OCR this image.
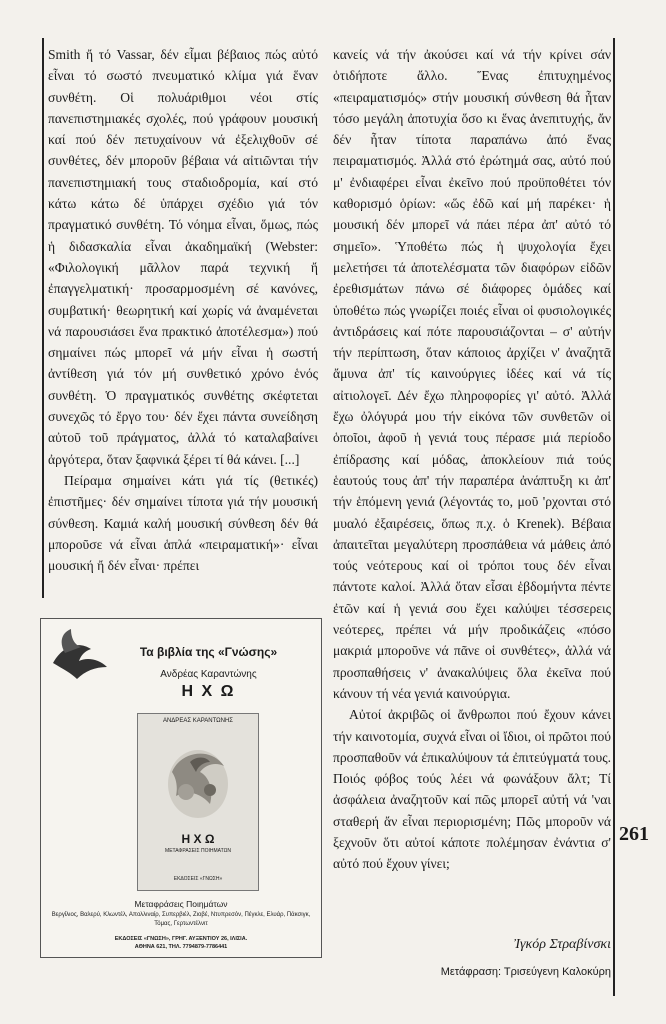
Smith ἤ τό Vassar, δέν εἶμαι βέβαιος πώς αὐτό εἶναι τό σωστό πνευματικό κλίμα γιά ἕναν συνθέτη. Οἱ πολυάριθμοι νέοι στίς πανεπιστημιακές σχολές, πού γράφουν μουσική καί πού δέν πετυχαίνουν νά ἐξελιχθοῦν σέ συνθέτες, δέν μποροῦν βέβαια νά αἰτιῶνται τήν πανεπιστημιακή τους σταδιοδρομία, καί στό κάτω κάτω δέ ὑπάρχει σχέδιο γιά τόν πραγματικό συνθέτη. Τό νόημα εἶναι, ὅμως, πώς ἡ διδασκαλία εἶναι ἀκαδημαϊκή (Webster: «Φιλολογική μᾶλλον παρά τεχνική ἤ ἐπαγγελματική· προσαρμοσμένη σέ κανόνες, συμβατική· θεωρητική καί χωρίς νά ἀναμένεται νά παρουσιάσει ἕνα πρακτικό ἀποτέλεσμα») πού σημαίνει πώς μπορεῖ νά μήν εἶναι ἡ σωστή ἀντίθεση γιά τόν μή συνθετικό χρόνο ἑνός συνθέτη. Ὁ πραγματικός συνθέτης σκέφτεται συνεχῶς τό ἔργο του· δέν ἔχει πάντα συνείδηση αὐτοῦ τοῦ πράγματος, ἀλλά τό καταλαβαίνει ἀργότερα, ὅταν ξαφνικά ξέρει τί θά κάνει. [...]

Πείραμα σημαίνει κάτι γιά τίς (θετικές) ἐπιστῆμες· δέν σημαίνει τίποτα γιά τήν μουσική σύνθεση. Καμιά καλή μουσική σύνθεση δέν θά μποροῦσε νά εἶναι ἁπλά «πειραματική»· εἶναι μουσική ἤ δέν εἶναι· πρέπει

κανείς νά τήν ἀκούσει καί νά τήν κρίνει σάν ὁτιδήποτε ἄλλο. Ἕνας ἐπιτυχημένος «πειραματισμός» στήν μουσική σύνθεση θά ἦταν τόσο μεγάλη ἀποτυχία ὅσο κι ἕνας ἀνεπιτυχής, ἄν δέν ἦταν τίποτα παραπάνω ἀπό ἕνας πειραματισμός. Ἀλλά στό ἐρώτημά σας, αὐτό πού μ' ἐνδιαφέρει εἶναι ἐκεῖνο πού προϋποθέτει τόν καθορισμό ὁρίων: «ὥς ἐδῶ καί μή παρέκει· ἡ μουσική δέν μπορεῖ νά πάει πέρα ἀπ' αὐτό τό σημεῖο». Ὑποθέτω πώς ἡ ψυχολογία ἔχει μελετήσει τά ἀποτελέσματα τῶν διαφόρων εἰδῶν ἐρεθισμάτων πάνω σέ διάφορες ὁμάδες καί ὑποθέτω πώς γνωρίζει ποιές εἶναι οἱ φυσιολογικές ἀντιδράσεις καί πότε παρουσιάζονται – σ' αὐτήν τήν περίπτωση, ὅταν κάποιος ἀρχίζει ν' ἀναζητᾶ ἄμυνα ἀπ' τίς καινούργιες ἰδέες καί νά τίς αἰτιολογεῖ. Δέν ἔχω πληροφορίες γι' αὐτό. Ἀλλά ἔχω ὀλόγυρά μου τήν εἰκόνα τῶν συνθετῶν οἱ ὁποῖοι, ἀφοῦ ἡ γενιά τους πέρασε μιά περίοδο ἐπίδρασης καί μόδας, ἀποκλείουν πιά τούς ἑαυτούς τους ἀπ' τήν παραπέρα ἀνάπτυξη κι ἀπ' τήν ἑπόμενη γενιά (λέγοντάς το, μοῦ 'ρχονται στό μυαλό ἐξαιρέσεις, ὅπως π.χ. ὁ Krenek). Βέβαια ἀπαιτεῖται μεγαλύτερη προσπάθεια νά μάθεις ἀπό τούς νεότερους καί οἱ τρόποι τους δέν εἶναι πάντοτε καλοί. Ἀλλά ὅταν εἶσαι ἑβδομήντα πέντε ἐτῶν καί ἡ γενιά σου ἔχει καλύψει τέσσερεις νεότερες, πρέπει νά μήν προδικάζεις «πόσο μακριά μποροῦνε νά πᾶνε οἱ συνθέτες», ἀλλά νά προσπαθήσεις ν' ἀνακαλύψεις ὅλα ἐκεῖνα πού κάνουν τή νέα γενιά καινούργια.

Αὐτοί ἀκριβῶς οἱ ἄνθρωποι πού ἔχουν κάνει τήν καινοτομία, συχνά εἶναι οἱ ἴδιοι, οἱ πρῶτοι πού προσπαθοῦν νά ἐπικαλύψουν τά ἐπιτεύγματά τους. Ποιός φόβος τούς λέει νά φωνάξουν ἄλτ; Τί ἀσφάλεια ἀναζητοῦν καί πῶς μπορεῖ αὐτή νά 'ναι σταθερή ἄν εἶναι περιορισμένη; Πῶς μποροῦν νά ξεχνοῦν ὅτι αὐτοί κάποτε πολέμησαν ἐνάντια σ' αὐτό πού ἔχουν γίνει;

Τα βιβλία της «Γνώσης»
Ανδρέας Καραντώνης
Η Χ Ω
ΑΝΔΡΕΑΣ ΚΑΡΑΝΤΩΝΗΣ
Η Χ Ω
ΜΕΤΑΦΡΑΣΕΙΣ ΠΟΙΗΜΑΤΩΝ
ΕΚΔΟΣΕΙΣ «ΓΝΩΣΗ»
Μεταφράσεις Ποιημάτων
Βεργίλιος, Βαλερύ, Κλωντέλ, Απολλιναίρ, Συπερβιέλ, Ζιοβέ, Ντυπρεσόν, Πέγκλε, Ελυάρ, Πάκσιγκ, Τόμας, Γερτωντέλνιτ
ΕΚΔΟΣΕΙΣ «ΓΝΩΣΗ», ΓΡΗΓ. ΑΥΞΕΝΤΙΟΥ 26, ΙΛΙΣΙΑ.
ΑΘΗΝΑ 621, ΤΗΛ. 7794879-7786441
261
Ἰγκόρ Στραβίνσκι
Μετάφραση: Τρισεύγενη Καλοκύρη
